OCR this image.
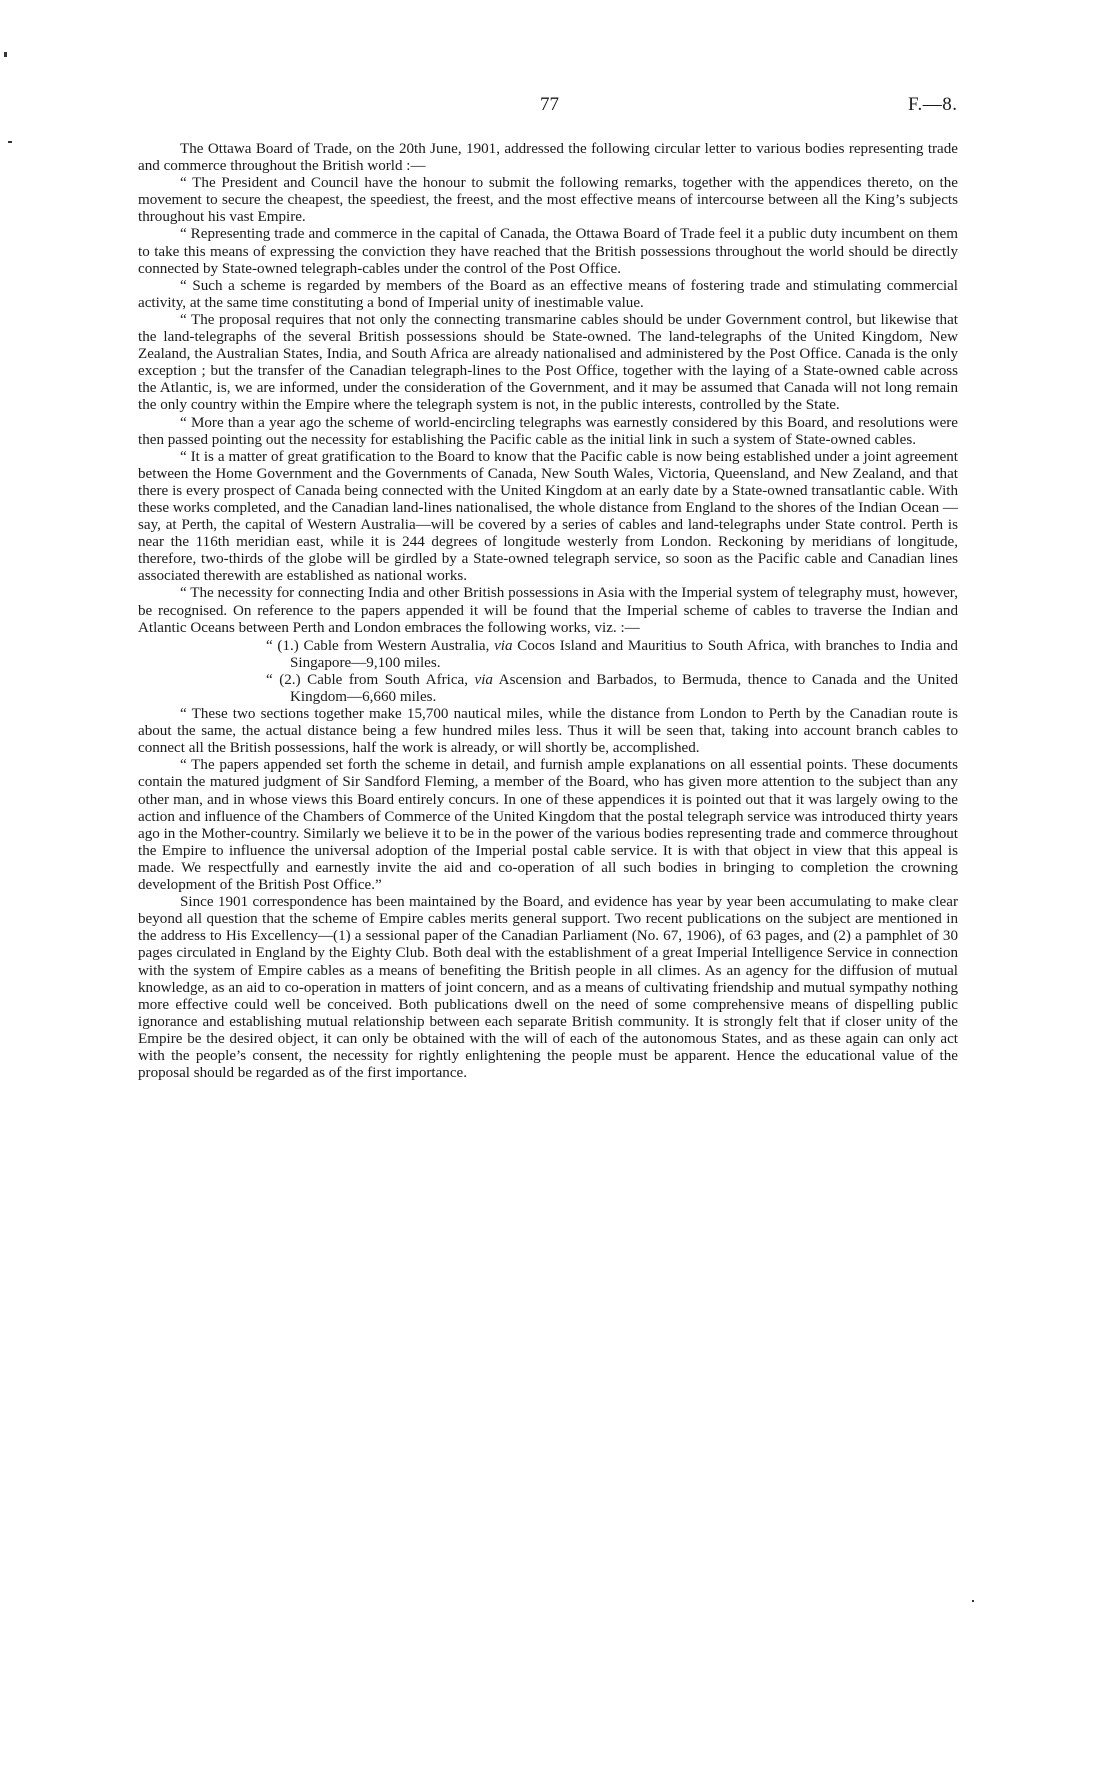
77	F.—8.

The Ottawa Board of Trade, on the 20th June, 1901, addressed the following circular letter to various bodies representing trade and commerce throughout the British world :—

“ The President and Council have the honour to submit the following remarks, together with the appendices thereto, on the movement to secure the cheapest, the speediest, the freest, and the most effective means of intercourse between all the King’s subjects throughout his vast Empire.

“ Representing trade and commerce in the capital of Canada, the Ottawa Board of Trade feel it a public duty incumbent on them to take this means of expressing the conviction they have reached that the British possessions throughout the world should be directly connected by State-owned telegraph-cables under the control of the Post Office.

“ Such a scheme is regarded by members of the Board as an effective means of fostering trade and stimulating commercial activity, at the same time constituting a bond of Imperial unity of inestimable value.

“ The proposal requires that not only the connecting transmarine cables should be under Government control, but likewise that the land-telegraphs of the several British possessions should be State-owned. The land-telegraphs of the United Kingdom, New Zealand, the Australian States, India, and South Africa are already nationalised and administered by the Post Office. Canada is the only exception ; but the transfer of the Canadian telegraph-lines to the Post Office, together with the laying of a State-owned cable across the Atlantic, is, we are informed, under the consideration of the Government, and it may be assumed that Canada will not long remain the only country within the Empire where the telegraph system is not, in the public interests, controlled by the State.

“ More than a year ago the scheme of world-encircling telegraphs was earnestly considered by this Board, and resolutions were then passed pointing out the necessity for establishing the Pacific cable as the initial link in such a system of State-owned cables.

“ It is a matter of great gratification to the Board to know that the Pacific cable is now being established under a joint agreement between the Home Government and the Governments of Canada, New South Wales, Victoria, Queensland, and New Zealand, and that there is every prospect of Canada being connected with the United Kingdom at an early date by a State-owned transatlantic cable. With these works completed, and the Canadian land-lines nationalised, the whole distance from England to the shores of the Indian Ocean — say, at Perth, the capital of Western Australia—will be covered by a series of cables and land-telegraphs under State control. Perth is near the 116th meridian east, while it is 244 degrees of longitude westerly from London. Reckoning by meridians of longitude, therefore, two-thirds of the globe will be girdled by a State-owned telegraph service, so soon as the Pacific cable and Canadian lines associated therewith are established as national works.

“ The necessity for connecting India and other British possessions in Asia with the Imperial system of telegraphy must, however, be recognised. On reference to the papers appended it will be found that the Imperial scheme of cables to traverse the Indian and Atlantic Oceans between Perth and London embraces the following works, viz. :—

“ (1.) Cable from Western Australia, via Cocos Island and Mauritius to South Africa, with branches to India and Singapore—9,100 miles.

“ (2.) Cable from South Africa, via Ascension and Barbados, to Bermuda, thence to Canada and the United Kingdom—6,660 miles.

“ These two sections together make 15,700 nautical miles, while the distance from London to Perth by the Canadian route is about the same, the actual distance being a few hundred miles less. Thus it will be seen that, taking into account branch cables to connect all the British possessions, half the work is already, or will shortly be, accomplished.

“ The papers appended set forth the scheme in detail, and furnish ample explanations on all essential points. These documents contain the matured judgment of Sir Sandford Fleming, a member of the Board, who has given more attention to the subject than any other man, and in whose views this Board entirely concurs. In one of these appendices it is pointed out that it was largely owing to the action and influence of the Chambers of Commerce of the United Kingdom that the postal telegraph service was introduced thirty years ago in the Mother-country. Similarly we believe it to be in the power of the various bodies representing trade and commerce throughout the Empire to influence the universal adoption of the Imperial postal cable service. It is with that object in view that this appeal is made. We respectfully and earnestly invite the aid and co-operation of all such bodies in bringing to completion the crowning development of the British Post Office.”

Since 1901 correspondence has been maintained by the Board, and evidence has year by year been accumulating to make clear beyond all question that the scheme of Empire cables merits general support. Two recent publications on the subject are mentioned in the address to His Excellency—(1) a sessional paper of the Canadian Parliament (No. 67, 1906), of 63 pages, and (2) a pamphlet of 30 pages circulated in England by the Eighty Club. Both deal with the establishment of a great Imperial Intelligence Service in connection with the system of Empire cables as a means of benefiting the British people in all climes. As an agency for the diffusion of mutual knowledge, as an aid to co-operation in matters of joint concern, and as a means of cultivating friendship and mutual sympathy nothing more effective could well be conceived. Both publications dwell on the need of some comprehensive means of dispelling public ignorance and establishing mutual relationship between each separate British community. It is strongly felt that if closer unity of the Empire be the desired object, it can only be obtained with the will of each of the autonomous States, and as these again can only act with the people’s consent, the necessity for rightly enlightening the people must be apparent. Hence the educational value of the proposal should be regarded as of the first importance.
